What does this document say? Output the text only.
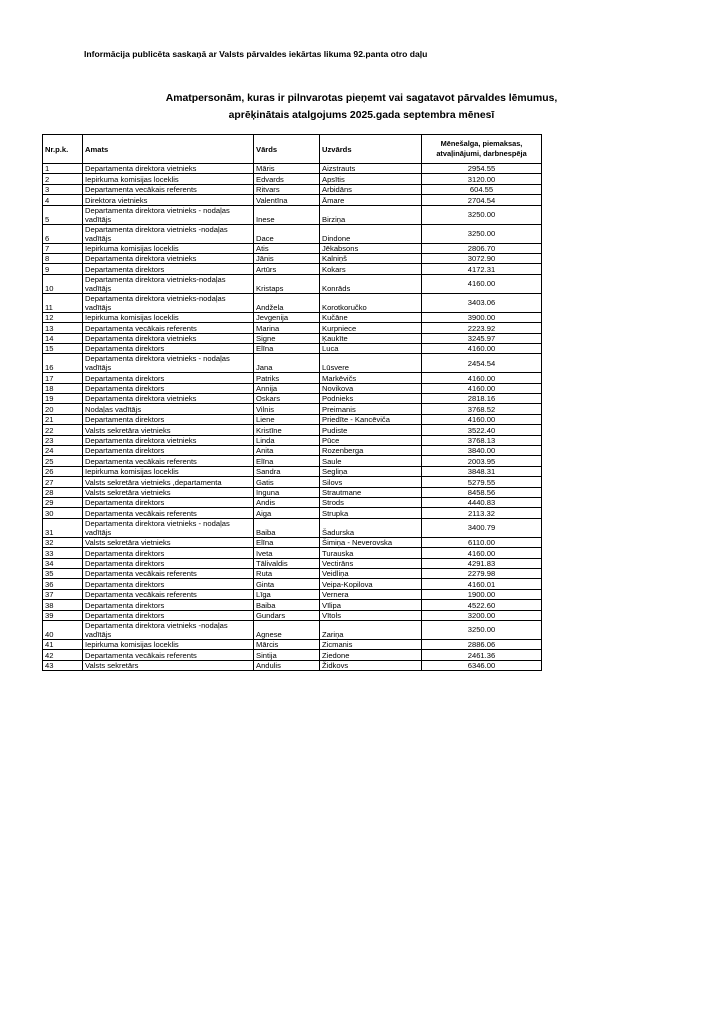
Informācija publicēta saskaņā ar Valsts pārvaldes iekārtas likuma 92.panta otro daļu
Amatpersonām, kuras ir pilnvarotas pieņemt vai sagatavot pārvaldes lēmumus,
aprēķinātais atalgojums 2025.gada septembra mēnesī
Nr.p.k.	Amats	Vārds	Uzvārds	Mēnešalga, piemaksas, atvaļinājumi, darbnespēja
1	Departamenta direktora vietnieks	Māris	Aizstrauts	2954.55
2	Iepirkuma komisijas loceklis	Edvards	Apsītis	3120.00
3	Departamenta vecākais referents	Ritvars	Arbidāns	604.55
4	Direktora vietnieks	Valentīna	Āmare	2704.54
5	Departamenta direktora vietnieks - nodaļas vadītājs	Inese	Birziņa	3250.00
6	Departamenta direktora vietnieks -nodaļas vadītājs	Dace	Dindone	3250.00
7	Iepirkuma komisijas loceklis	Atis	Jēkabsons	2806.70
8	Departamenta direktora vietnieks	Jānis	Kalniņš	3072.90
9	Departamenta direktors	Artūrs	Kokars	4172.31
10	Departamenta direktora vietnieks-nodaļas vadītājs	Kristaps	Konrāds	4160.00
11	Departamenta direktora vietnieks-nodaļas vadītājs	Andžela	Korotkoručko	3403.06
12	Iepirkuma komisijas loceklis	Jevgenija	Kučāne	3900.00
13	Departamenta vecākais referents	Marina	Kurpniece	2223.92
14	Departamenta direktora vietnieks	Signe	Ķaukīte	3245.97
15	Departamenta direktors	Elīna	Luca	4160.00
16	Departamenta direktora vietnieks - nodaļas vadītājs	Jana	Lūsvere	2454.54
17	Departamenta direktors	Patriks	Markēvičs	4160.00
18	Departamenta direktors	Annija	Novikova	4160.00
19	Departamenta direktora vietnieks	Oskars	Podnieks	2818.16
20	Nodaļas vadītājs	Vilnis	Preimanis	3768.52
21	Departamenta direktors	Liene	Priedīte - Kancēviča	4160.00
22	Valsts sekretāra vietnieks	Kristīne	Pudiste	3522.40
23	Departamenta direktora vietnieks	Linda	Pūce	3768.13
24	Departamenta direktors	Anita	Rozenberga	3840.00
25	Departamenta vecākais referents	Elīna	Saule	2003.95
26	Iepirkuma komisijas loceklis	Sandra	Segliņa	3848.31
27	Valsts sekretāra vietnieks ,departamenta	Gatis	Silovs	5279.55
28	Valsts sekretāra vietnieks	Inguna	Strautmane	8458.56
29	Departamenta direktors	Andis	Strods	4440.83
30	Departamenta vecākais referents	Aiga	Strupka	2113.32
31	Departamenta direktora vietnieks - nodaļas vadītājs	Baiba	Šadurska	3400.79
32	Valsts sekretāra vietnieks	Elīna	Šimiņa - Neverovska	6110.00
33	Departamenta direktors	Iveta	Turauska	4160.00
34	Departamenta direktors	Tālivaldis	Vectirāns	4291.83
35	Departamenta vecākais referents	Ruta	Veidliņa	2279.98
36	Departamenta direktors	Ginta	Veipa-Kopilova	4160.01
37	Departamenta vecākais referents	Līga	Vernera	1900.00
38	Departamenta direktors	Baiba	Vīlipa	4522.60
39	Departamenta direktors	Gundars	Vītols	3200.00
40	Departamenta direktora vietnieks -nodaļas vadītājs	Agnese	Zariņa	3250.00
41	Iepirkuma komisijas loceklis	Mārcis	Zicmanis	2886.06
42	Departamenta vecākais referents	Sintija	Ziedone	2461.36
43	Valsts sekretārs	Andulis	Židkovs	6346.00
